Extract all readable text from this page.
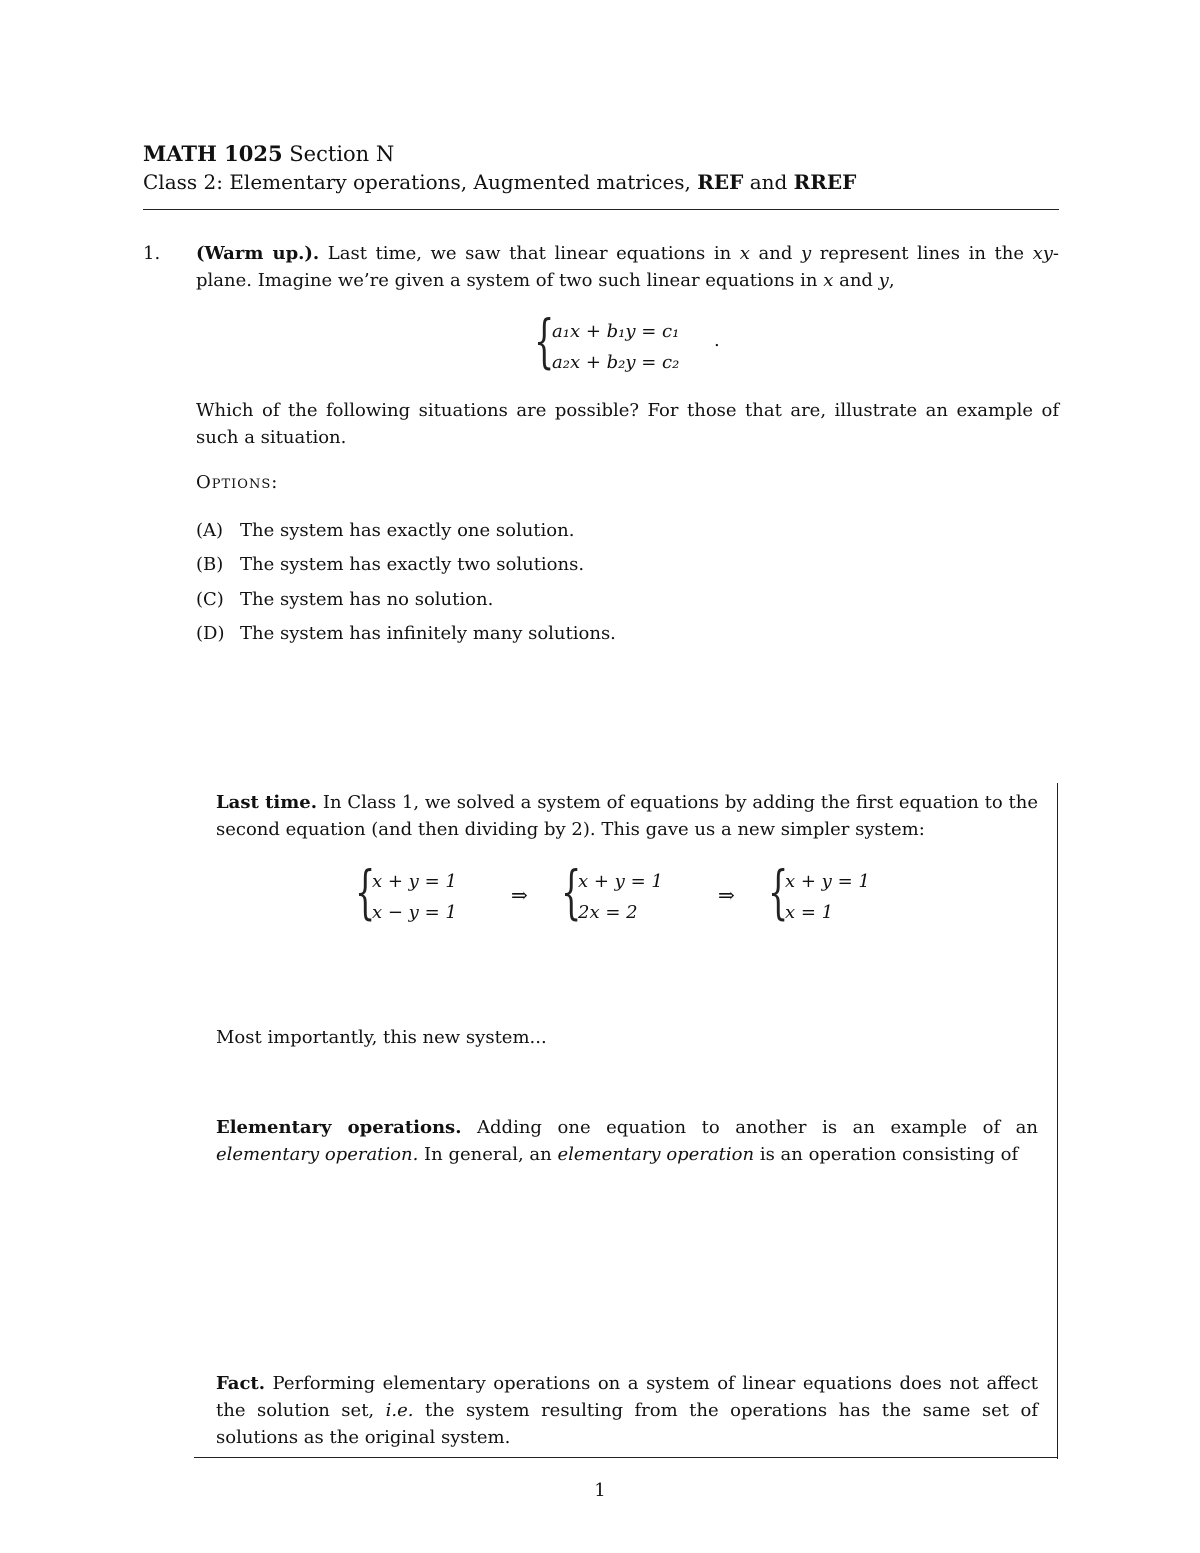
MATH 1025 Section N
Class 2: Elementary operations, Augmented matrices, REF and RREF
1. (Warm up.). Last time, we saw that linear equations in x and y represent lines in the xy-plane. Imagine we’re given a system of two such linear equations in x and y,
{
a₁x + b₁y = c₁
a₂x + b₂y = c₂
.
Which of the following situations are possible? For those that are, illustrate an example of such a situation.
Options:
(A) The system has exactly one solution.
(B) The system has exactly two solutions.
(C) The system has no solution.
(D) The system has infinitely many solutions.
Last time. In Class 1, we solved a system of equations by adding the first equation to the second equation (and then dividing by 2). This gave us a new simpler system:
{
x + y = 1
x − y = 1
⇒ {
x + y = 1
2x = 2
⇒ {
x + y = 1
x = 1
Most importantly, this new system...
Elementary operations. Adding one equation to another is an example of an elementary operation. In general, an elementary operation is an operation consisting of
Fact. Performing elementary operations on a system of linear equations does not affect the solution set, i.e. the system resulting from the operations has the same set of solutions as the original system.
1
